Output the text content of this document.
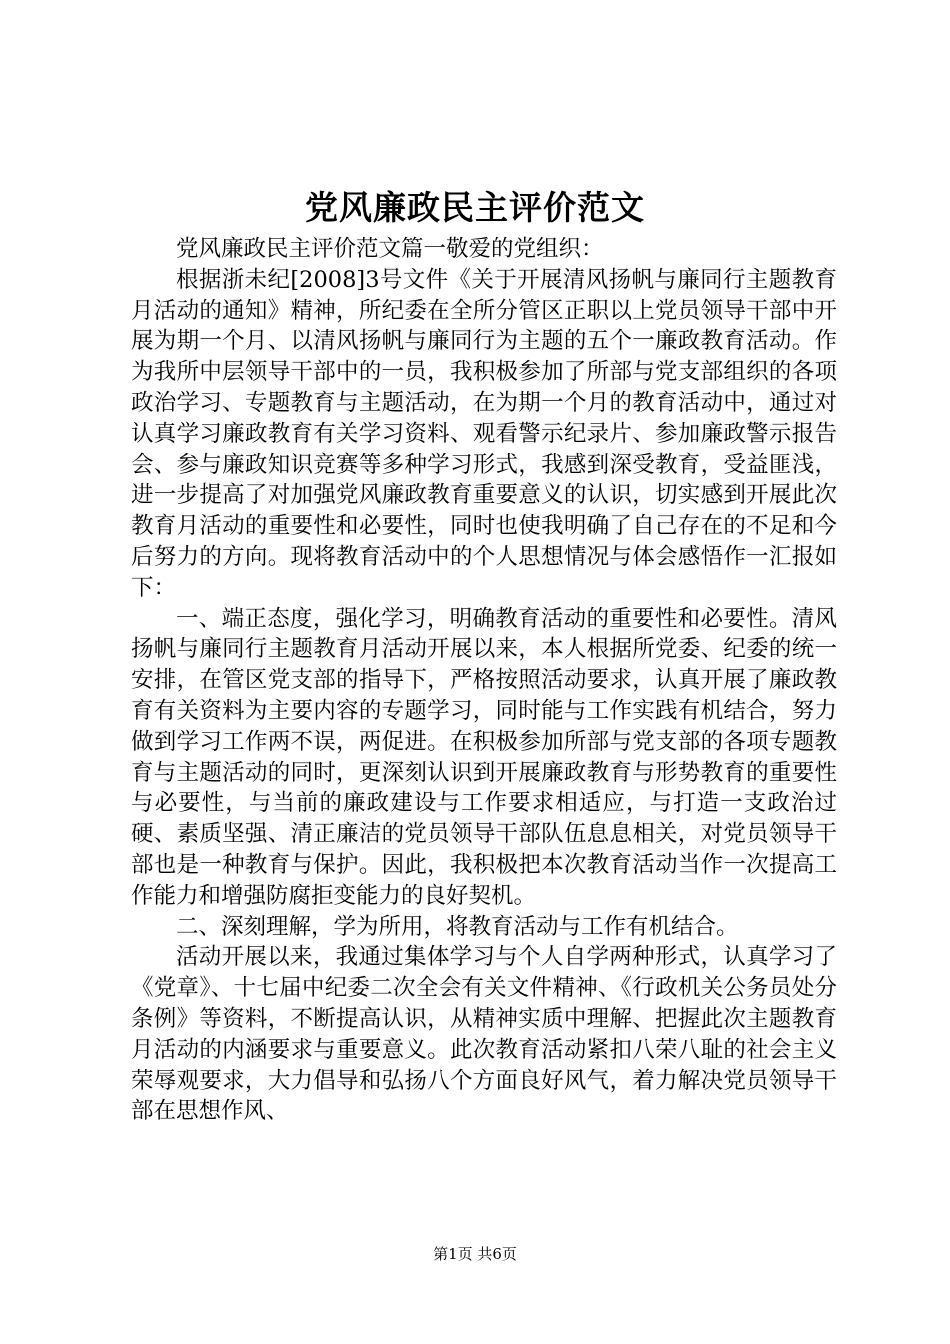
党风廉政民主评价范文

党风廉政民主评价范文篇一敬爱的党组织：

根据浙未纪[2008]3号文件《关于开展清风扬帆与廉同行主题教育月活动的通知》精神，所纪委在全所分管区正职以上党员领导干部中开展为期一个月、以清风扬帆与廉同行为主题的五个一廉政教育活动。作为我所中层领导干部中的一员，我积极参加了所部与党支部组织的各项政治学习、专题教育与主题活动，在为期一个月的教育活动中，通过对认真学习廉政教育有关学习资料、观看警示纪录片、参加廉政警示报告会、参与廉政知识竞赛等多种学习形式，我感到深受教育，受益匪浅，进一步提高了对加强党风廉政教育重要意义的认识，切实感到开展此次教育月活动的重要性和必要性，同时也使我明确了自己存在的不足和今后努力的方向。现将教育活动中的个人思想情况与体会感悟作一汇报如下：

一、端正态度，强化学习，明确教育活动的重要性和必要性。清风扬帆与廉同行主题教育月活动开展以来，本人根据所党委、纪委的统一安排，在管区党支部的指导下，严格按照活动要求，认真开展了廉政教育有关资料为主要内容的专题学习，同时能与工作实践有机结合，努力做到学习工作两不误，两促进。在积极参加所部与党支部的各项专题教育与主题活动的同时，更深刻认识到开展廉政教育与形势教育的重要性与必要性，与当前的廉政建设与工作要求相适应，与打造一支政治过硬、素质坚强、清正廉洁的党员领导干部队伍息息相关，对党员领导干部也是一种教育与保护。因此，我积极把本次教育活动当作一次提高工作能力和增强防腐拒变能力的良好契机。

二、深刻理解，学为所用，将教育活动与工作有机结合。

活动开展以来，我通过集体学习与个人自学两种形式，认真学习了《党章》、十七届中纪委二次全会有关文件精神、《行政机关公务员处分条例》等资料，不断提高认识，从精神实质中理解、把握此次主题教育月活动的内涵要求与重要意义。此次教育活动紧扣八荣八耻的社会主义荣辱观要求，大力倡导和弘扬八个方面良好风气，着力解决党员领导干部在思想作风、

第1页 共6页
